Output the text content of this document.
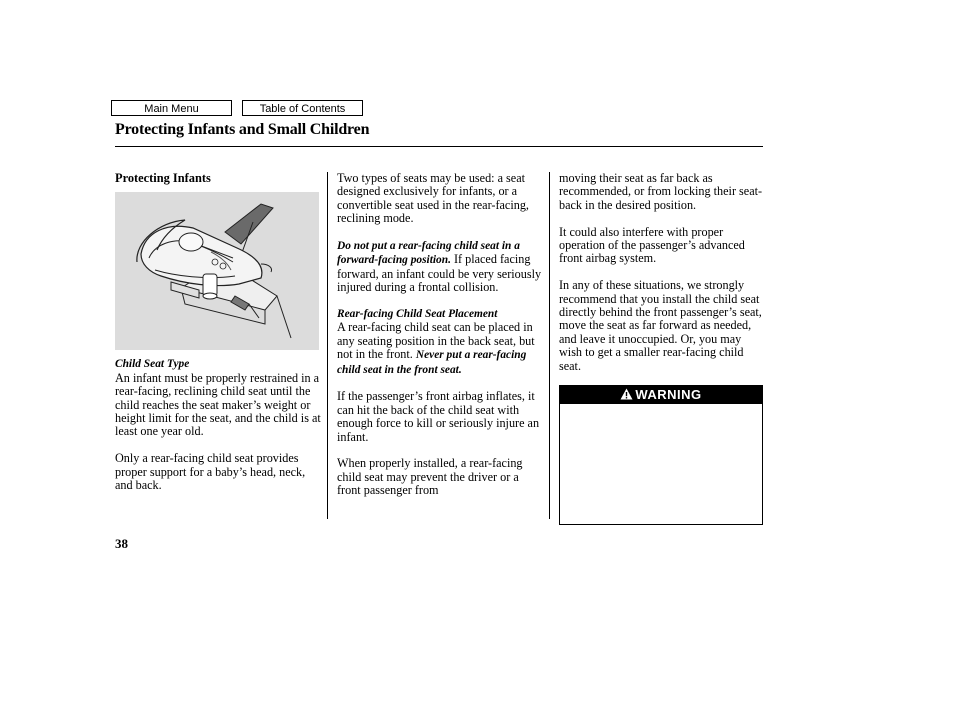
Main Menu	Table of Contents
Protecting Infants and Small Children

Protecting Infants

Child Seat Type

An infant must be properly restrained in a rear-facing, reclining child seat until the child reaches the seat maker’s weight or height limit for the seat, and the child is at least one year old.

Only a rear-facing child seat provides proper support for a baby’s head, neck, and back.

Two types of seats may be used: a seat designed exclusively for infants, or a convertible seat used in the rear-facing, reclining mode.

Do not put a rear-facing child seat in a forward-facing position. If placed facing forward, an infant could be very seriously injured during a frontal collision.

Rear-facing Child Seat Placement

A rear-facing child seat can be placed in any seating position in the back seat, but not in the front. Never put a rear-facing child seat in the front seat.

If the passenger’s front airbag inflates, it can hit the back of the child seat with enough force to kill or seriously injure an infant.

When properly installed, a rear-facing child seat may prevent the driver or a front passenger from

moving their seat as far back as recommended, or from locking their seat-back in the desired position.

It could also interfere with proper operation of the passenger’s advanced front airbag system.

In any of these situations, we strongly recommend that you install the child seat directly behind the front passenger’s seat, move the seat as far forward as needed, and leave it unoccupied. Or, you may wish to get a smaller rear-facing child seat.

WARNING
38
